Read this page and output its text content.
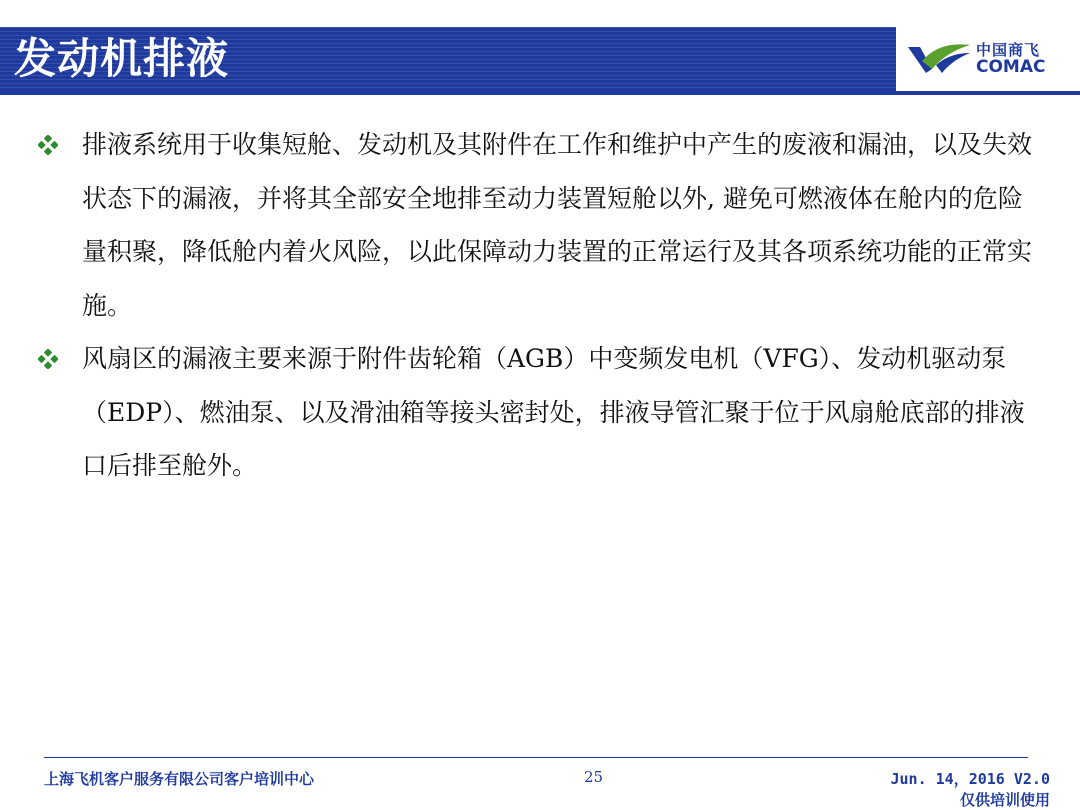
发动机排液	中国商飞
COMAC

排液系统用于收集短舱、发动机及其附件在工作和维护中产生的废液和漏油，以及失效状态下的漏液，并将其全部安全地排至动力装置短舱以外, 避免可燃液体在舱内的危险量积聚，降低舱内着火风险，以此保障动力装置的正常运行及其各项系统功能的正常实施。

风扇区的漏液主要来源于附件齿轮箱（AGB）中变频发电机（VFG）、发动机驱动泵（EDP）、燃油泵、以及滑油箱等接头密封处，排液导管汇聚于位于风扇舱底部的排液口后排至舱外。

上海飞机客户服务有限公司客户培训中心	25	Jun. 14，2016 V2.0
仅供培训使用
